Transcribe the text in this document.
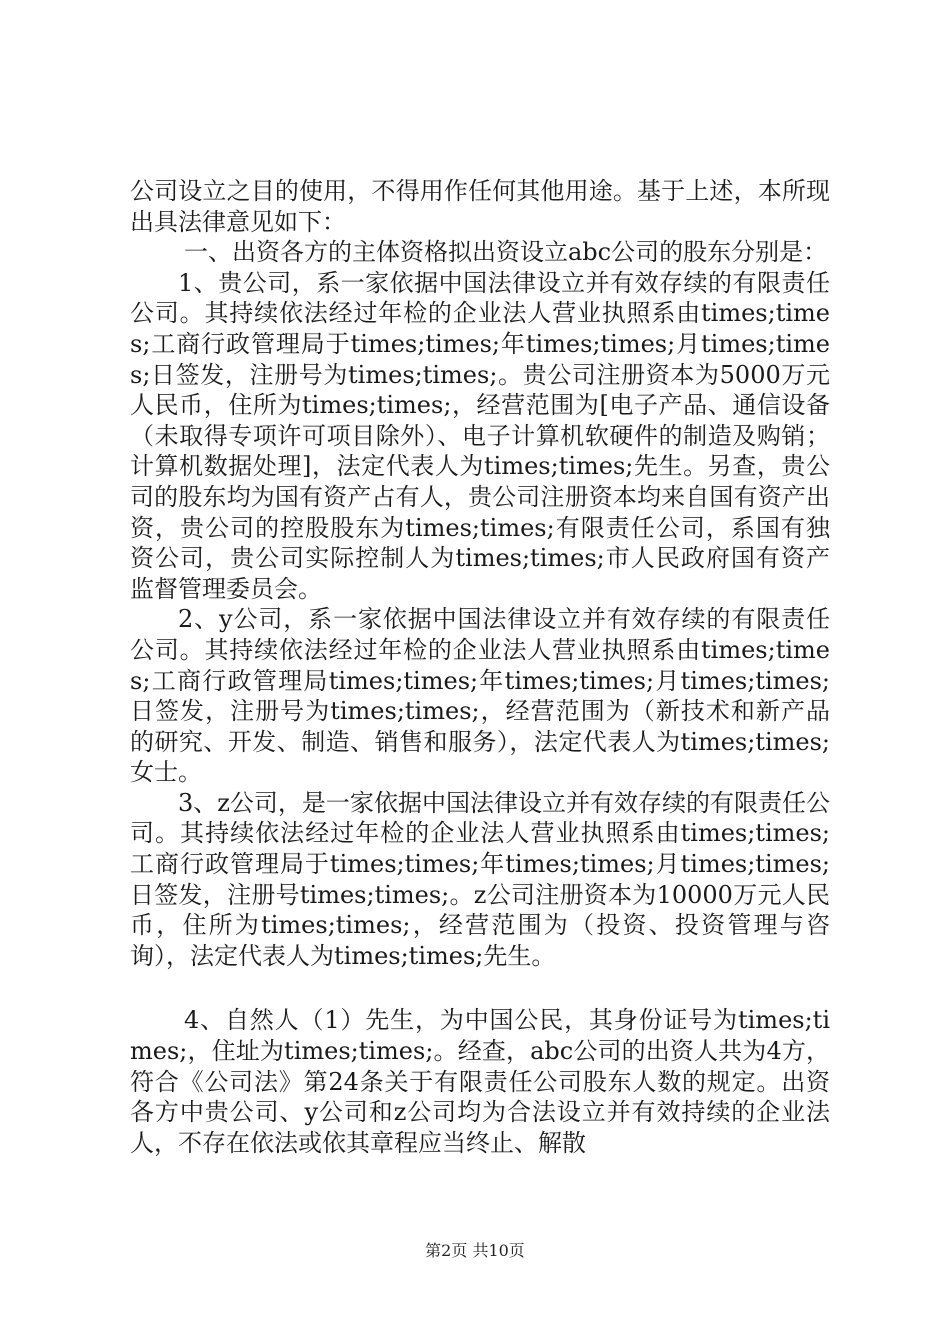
公司设立之目的使用，不得用作任何其他用途。基于上述，本所现出具法律意见如下：

一、出资各方的主体资格拟出资设立abc公司的股东分别是：

1、贵公司，系一家依据中国法律设立并有效存续的有限责任公司。其持续依法经过年检的企业法人营业执照系由times;times;工商行政管理局于times;times;年times;times;月times;times;日签发，注册号为times;times;。贵公司注册资本为5000万元人民币，住所为times;times;，经营范围为[电子产品、通信设备（未取得专项许可项目除外）、电子计算机软硬件的制造及购销；计算机数据处理]，法定代表人为times;times;先生。另查，贵公司的股东均为国有资产占有人，贵公司注册资本均来自国有资产出资，贵公司的控股股东为times;times;有限责任公司，系国有独资公司，贵公司实际控制人为times;times;市人民政府国有资产监督管理委员会。

2、y公司，系一家依据中国法律设立并有效存续的有限责任公司。其持续依法经过年检的企业法人营业执照系由times;times;工商行政管理局times;times;年times;times;月times;times;日签发，注册号为times;times;，经营范围为（新技术和新产品的研究、开发、制造、销售和服务），法定代表人为times;times;女士。

3、z公司，是一家依据中国法律设立并有效存续的有限责任公司。其持续依法经过年检的企业法人营业执照系由times;times;工商行政管理局于times;times;年times;times;月times;times;日签发，注册号times;times;。z公司注册资本为10000万元人民币，住所为times;times;，经营范围为（投资、投资管理与咨询），法定代表人为times;times;先生。

4、自然人（1）先生，为中国公民，其身份证号为times;times;，住址为times;times;。经查，abc公司的出资人共为4方，符合《公司法》第24条关于有限责任公司股东人数的规定。出资各方中贵公司、y公司和z公司均为合法设立并有效持续的企业法人，不存在依法或依其章程应当终止、解散

第2页 共10页
